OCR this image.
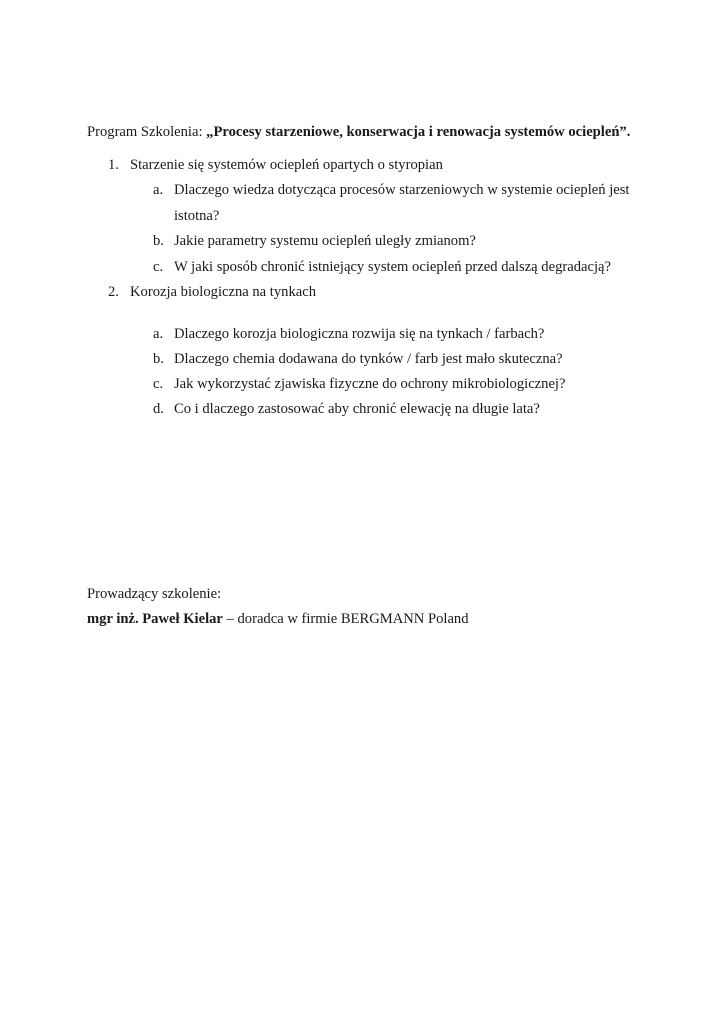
Program Szkolenia: „Procesy starzeniowe, konserwacja i renowacja systemów ociepleń”.
1. Starzenie się systemów ociepleń opartych o styropian
a. Dlaczego wiedza dotycząca procesów starzeniowych w systemie ociepleń jest
istotna?
b. Jakie parametry systemu ociepleń uległy zmianom?
c. W jaki sposób chronić istniejący system ociepleń przed dalszą degradacją?
2. Korozja biologiczna na tynkach
a. Dlaczego korozja biologiczna rozwija się na tynkach / farbach?
b. Dlaczego chemia dodawana do tynków / farb jest mało skuteczna?
c. Jak wykorzystać zjawiska fizyczne do ochrony mikrobiologicznej?
d. Co i dlaczego zastosować aby chronić elewację na długie lata?
Prowadzący szkolenie:
mgr inż. Paweł Kielar – doradca w firmie BERGMANN Poland
